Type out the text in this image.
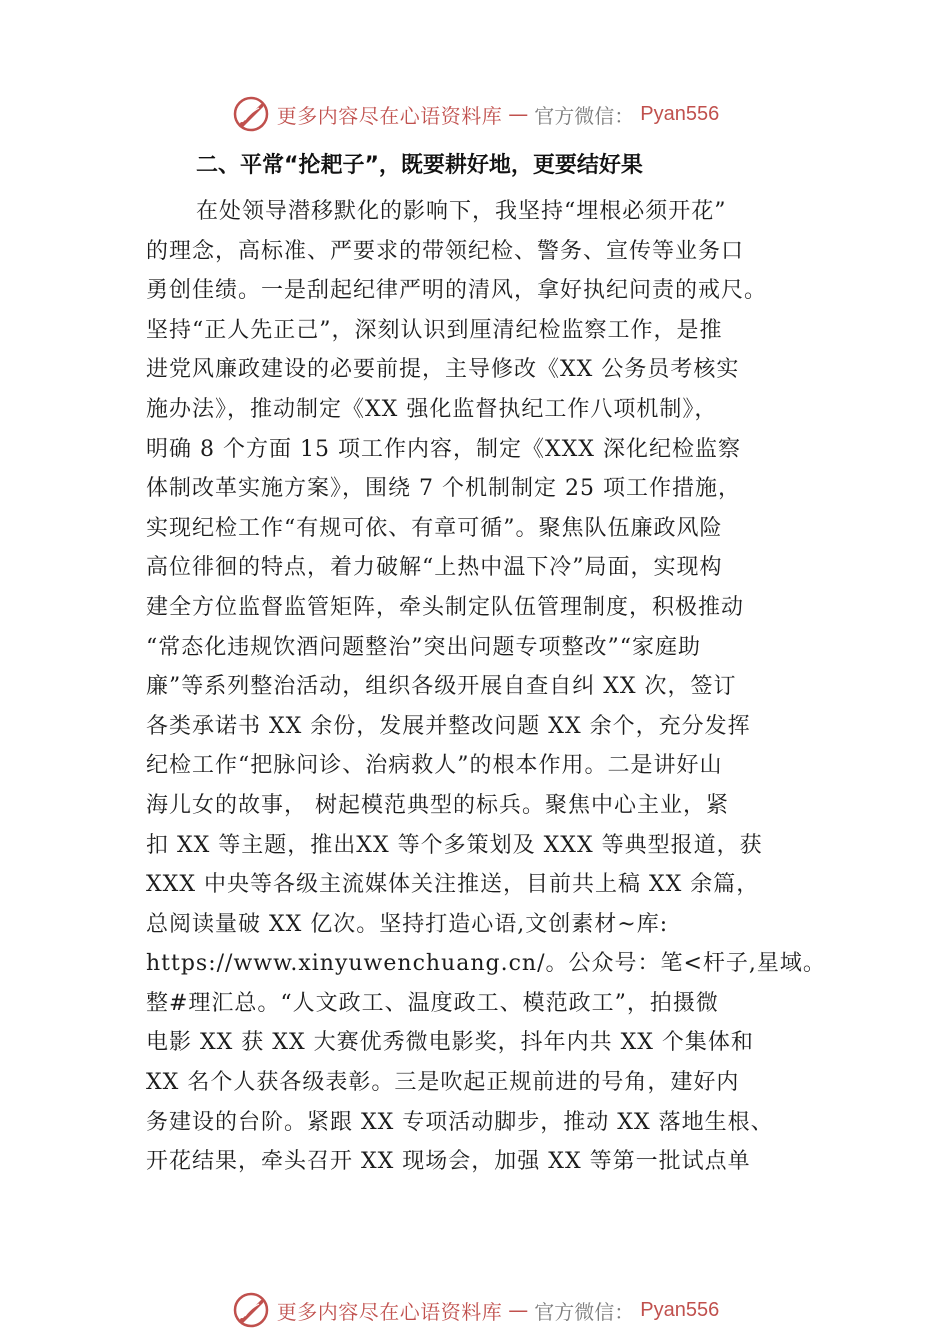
更多内容尽在心语资料库 — 官方微信： Pyan556
二、平常“抡耙子”，既要耕好地，更要结好果
在处领导潜移默化的影响下，我坚持“埋根必须开花”
的理念，高标准、严要求的带领纪检、警务、宣传等业务口
勇创佳绩。一是刮起纪律严明的清风，拿好执纪问责的戒尺。
坚持“正人先正己”，深刻认识到厘清纪检监察工作，是推
进党风廉政建设的必要前提，主导修改《XX 公务员考核实
施办法》，推动制定《XX 强化监督执纪工作八项机制》，
明确 8 个方面 15 项工作内容，制定《XXX 深化纪检监察
体制改革实施方案》，围绕 7 个机制制定 25 项工作措施，
实现纪检工作“有规可依、有章可循”。聚焦队伍廉政风险
高位徘徊的特点，着力破解“上热中温下冷”局面，实现构
建全方位监督监管矩阵，牵头制定队伍管理制度，积极推动
“常态化违规饮酒问题整治”突出问题专项整改”“家庭助
廉”等系列整治活动，组织各级开展自查自纠 XX 次，签订
各类承诺书 XX 余份，发展并整改问题 XX 余个，充分发挥
纪检工作“把脉问诊、治病救人”的根本作用。二是讲好山
海儿女的故事， 树起模范典型的标兵。聚焦中心主业，紧
扣 XX 等主题，推出XX 等个多策划及 XXX 等典型报道，获
XXX 中央等各级主流媒体关注推送，目前共上稿 XX 余篇，
总阅读量破 XX 亿次。坚持打造心语,文创素材~库:
https://www.xinyuwenchuang.cn/。公众号：笔<杆子,星域。
整#理汇总。“人文政工、温度政工、模范政工”，拍摄微
电影 XX 获 XX 大赛优秀微电影奖，抖年内共 XX 个集体和
XX 名个人获各级表彰。三是吹起正规前进的号角，建好内
务建设的台阶。紧跟 XX 专项活动脚步，推动 XX 落地生根、
开花结果，牵头召开 XX 现场会，加强 XX 等第一批试点单
更多内容尽在心语资料库 — 官方微信： Pyan556
